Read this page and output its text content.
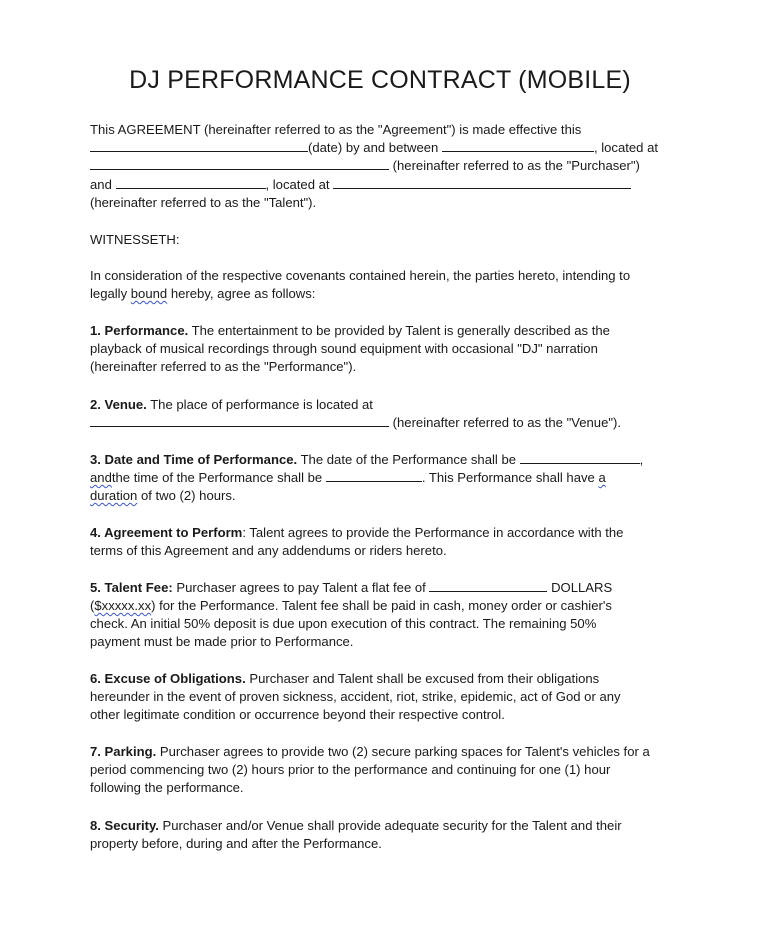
DJ PERFORMANCE CONTRACT (MOBILE)
This AGREEMENT (hereinafter referred to as the "Agreement") is made effective this
(date) by and between	, located at
(hereinafter referred to as the "Purchaser")
and	, located at
(hereinafter referred to as the "Talent").
WITNESSETH:
In consideration of the respective covenants contained herein, the parties hereto, intending to
legally bound hereby, agree as follows:
1. Performance. The entertainment to be provided by Talent is generally described as the
playback of musical recordings through sound equipment with occasional "DJ" narration
(hereinafter referred to as the "Performance").
2. Venue. The place of performance is located at
(hereinafter referred to as the "Venue").
3. Date and Time of Performance. The date of the Performance shall be	,
andthe time of the Performance shall be	. This Performance shall have a
duration of two (2) hours.
4. Agreement to Perform: Talent agrees to provide the Performance in accordance with the
terms of this Agreement and any addendums or riders hereto.
5. Talent Fee: Purchaser agrees to pay Talent a flat fee of	DOLLARS
($xxxxx.xx) for the Performance. Talent fee shall be paid in cash, money order or cashier's
check. An initial 50% deposit is due upon execution of this contract. The remaining 50%
payment must be made prior to Performance.
6. Excuse of Obligations. Purchaser and Talent shall be excused from their obligations
hereunder in the event of proven sickness, accident, riot, strike, epidemic, act of God or any
other legitimate condition or occurrence beyond their respective control.
7. Parking. Purchaser agrees to provide two (2) secure parking spaces for Talent's vehicles for a
period commencing two (2) hours prior to the performance and continuing for one (1) hour
following the performance.
8. Security. Purchaser and/or Venue shall provide adequate security for the Talent and their
property before, during and after the Performance.
